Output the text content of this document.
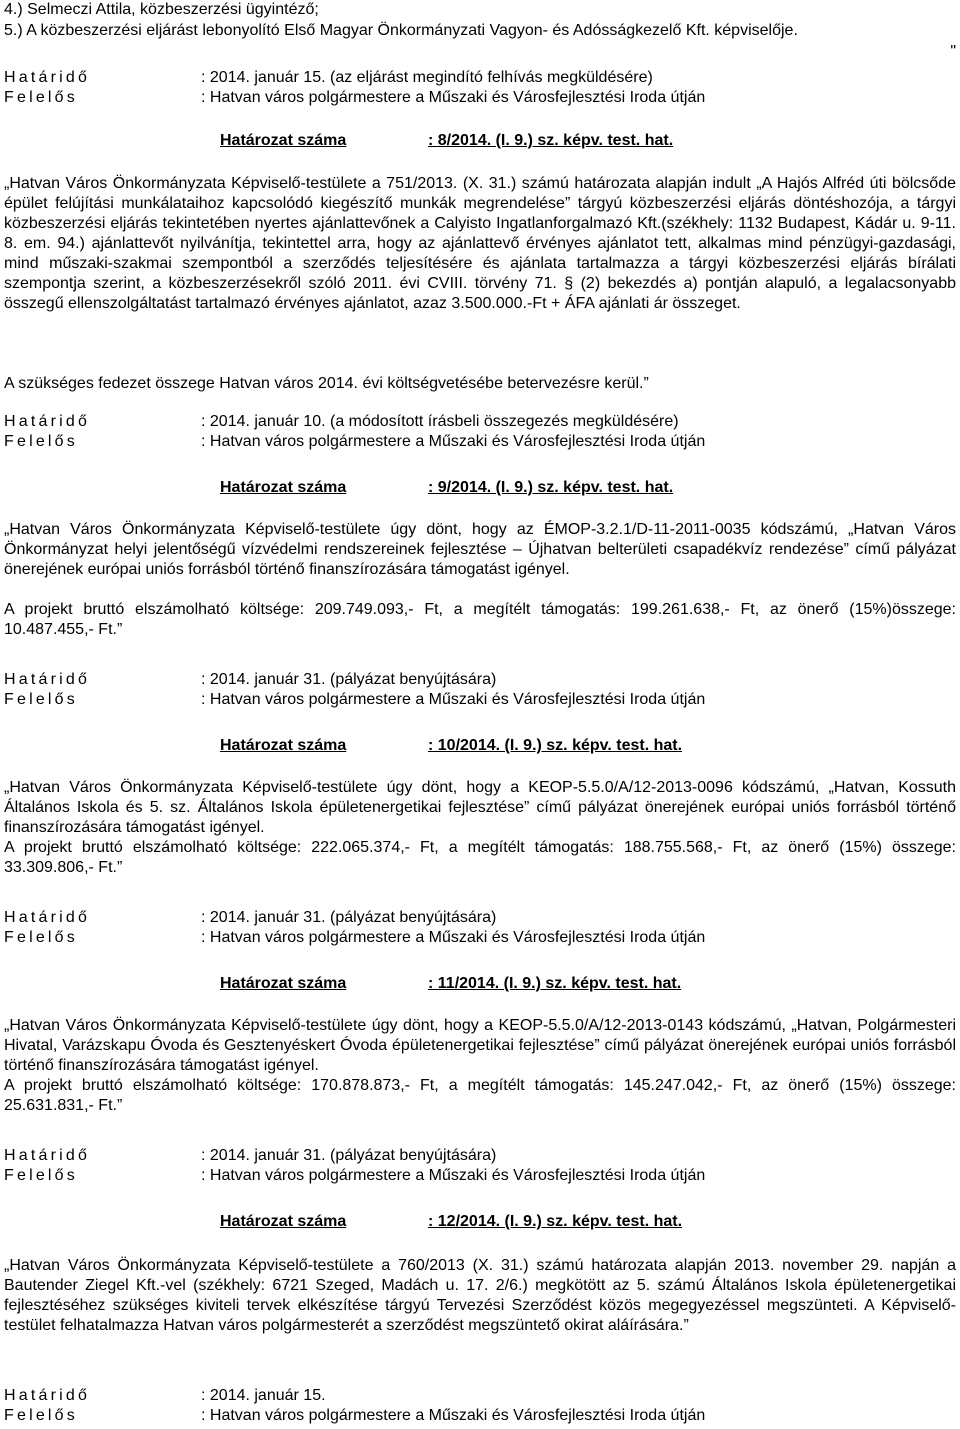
4.) Selmeczi Attila, közbeszerzési ügyintéző;
5.) A közbeszerzési eljárást lebonyolító Első Magyar Önkormányzati Vagyon- és Adósságkezelő Kft. képviselője.
"
Határidő	: 2014. január 15. (az eljárást megindító felhívás megküldésére)
Felelős	: Hatvan város polgármestere a Műszaki és Városfejlesztési Iroda útján
Határozat száma	: 8/2014. (I. 9.) sz. képv. test. hat.
„Hatvan Város Önkormányzata Képviselő-testülete a 751/2013. (X. 31.) számú határozata alapján indult „A Hajós Alfréd úti bölcsőde épület felújítási munkálataihoz kapcsolódó kiegészítő munkák megrendelése” tárgyú közbeszerzési eljárás döntéshozója, a tárgyi közbeszerzési eljárás tekintetében nyertes ajánlattevőnek a Calyisto Ingatlanforgalmazó Kft.(székhely: 1132 Budapest, Kádár u. 9-11. 8. em. 94.) ajánlattevőt nyilvánítja, tekintettel arra, hogy az ajánlattevő érvényes ajánlatot tett, alkalmas mind pénzügyi-gazdasági, mind műszaki-szakmai szempontból a szerződés teljesítésére és ajánlata tartalmazza a tárgyi közbeszerzési eljárás bírálati szempontja szerint, a közbeszerzésekről szóló 2011. évi CVIII. törvény 71. § (2) bekezdés a) pontján alapuló, a legalacsonyabb összegű ellenszolgáltatást tartalmazó érvényes ajánlatot, azaz 3.500.000.-Ft + ÁFA ajánlati ár összeget.
A szükséges fedezet összege Hatvan város 2014. évi költségvetésébe betervezésre kerül.”
Határidő	: 2014. január 10. (a módosított írásbeli összegezés megküldésére)
Felelős	: Hatvan város polgármestere a Műszaki és Városfejlesztési Iroda útján
Határozat száma	: 9/2014. (I. 9.) sz. képv. test. hat.
„Hatvan Város Önkormányzata Képviselő-testülete úgy dönt, hogy az ÉMOP-3.2.1/D-11-2011-0035 kódszámú, „Hatvan Város Önkormányzat helyi jelentőségű vízvédelmi rendszereinek fejlesztése – Újhatvan belterületi csapadékvíz rendezése” című pályázat önerejének európai uniós forrásból történő finanszírozására támogatást igényel.
A projekt bruttó elszámolható költsége: 209.749.093,- Ft, a megítélt támogatás: 199.261.638,- Ft, az önerő (15%)összege: 10.487.455,- Ft.”
Határidő	: 2014. január 31. (pályázat benyújtására)
Felelős	: Hatvan város polgármestere a Műszaki és Városfejlesztési Iroda útján
Határozat száma	: 10/2014. (I. 9.) sz. képv. test. hat.
„Hatvan Város Önkormányzata Képviselő-testülete úgy dönt, hogy a KEOP-5.5.0/A/12-2013-0096 kódszámú, „Hatvan, Kossuth Általános Iskola és 5. sz. Általános Iskola épületenergetikai fejlesztése” című pályázat önerejének európai uniós forrásból történő finanszírozására támogatást igényel.
A projekt bruttó elszámolható költsége: 222.065.374,- Ft, a megítélt támogatás: 188.755.568,- Ft, az önerő (15%) összege: 33.309.806,- Ft.”
Határidő	: 2014. január 31. (pályázat benyújtására)
Felelős	: Hatvan város polgármestere a Műszaki és Városfejlesztési Iroda útján
Határozat száma	: 11/2014. (I. 9.) sz. képv. test. hat.
„Hatvan Város Önkormányzata Képviselő-testülete úgy dönt, hogy a KEOP-5.5.0/A/12-2013-0143 kódszámú, „Hatvan, Polgármesteri Hivatal, Varázskapu Óvoda és Gesztenyéskert Óvoda épületenergetikai fejlesztése” című pályázat önerejének európai uniós forrásból történő finanszírozására támogatást igényel.
A projekt bruttó elszámolható költsége: 170.878.873,- Ft, a megítélt támogatás: 145.247.042,- Ft, az önerő (15%) összege: 25.631.831,- Ft.”
Határidő	: 2014. január 31. (pályázat benyújtására)
Felelős	: Hatvan város polgármestere a Műszaki és Városfejlesztési Iroda útján
Határozat száma	: 12/2014. (I. 9.) sz. képv. test. hat.
„Hatvan Város Önkormányzata Képviselő-testülete a 760/2013 (X. 31.) számú határozata alapján 2013. november 29. napján a Bautender Ziegel Kft.-vel (székhely: 6721 Szeged, Madách u. 17. 2/6.) megkötött az 5. számú Általános Iskola épületenergetikai fejlesztéséhez szükséges kiviteli tervek elkészítése tárgyú Tervezési Szerződést közös megegyezéssel megszünteti. A Képviselő-testület felhatalmazza Hatvan város polgármesterét a szerződést megszüntető okirat aláírására.”
Határidő	: 2014. január 15.
Felelős	: Hatvan város polgármestere a Műszaki és Városfejlesztési Iroda útján
